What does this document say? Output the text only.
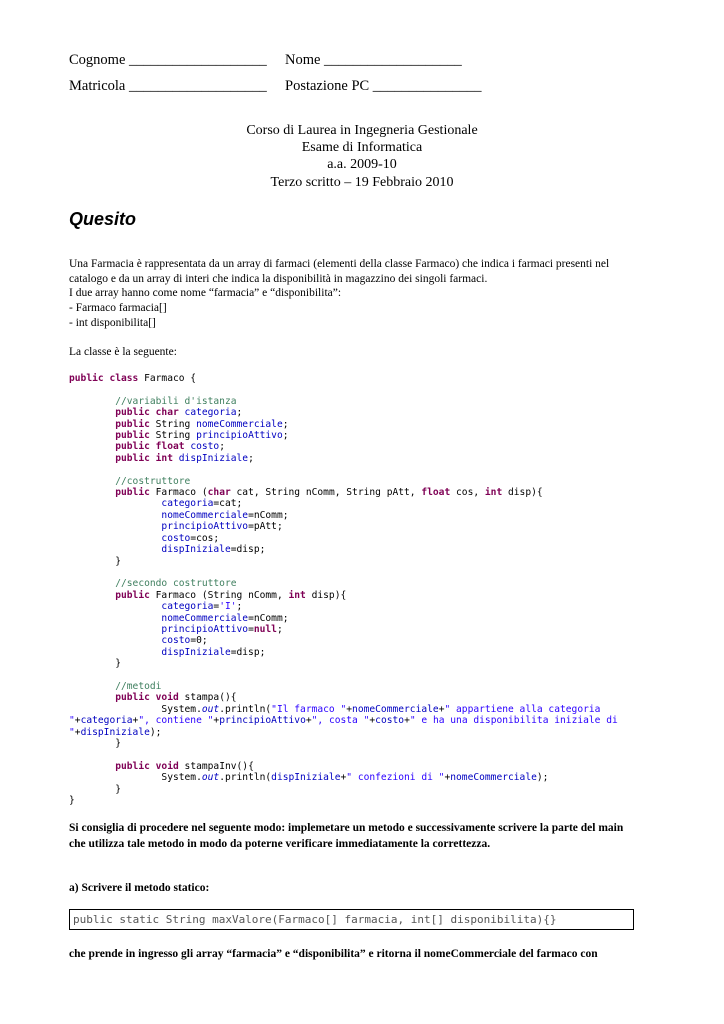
Cognome ___________________ Nome ___________________
Matricola ___________________ Postazione PC _______________
Corso di Laurea in Ingegneria Gestionale
Esame di Informatica
a.a. 2009-10
Terzo scritto – 19 Febbraio 2010
Quesito
Una Farmacia è rappresentata da un array di farmaci (elementi della classe Farmaco) che indica i farmaci presenti nel
catalogo e da un array di interi che indica la disponibilità in magazzino dei singoli farmaci.
I due array hanno come nome “farmacia” e “disponibilita”:
- Farmaco farmacia[]
- int disponibilita[]
La classe è la seguente:
public class Farmaco {

//variabili d'istanza
public char categoria;
public String nomeCommerciale;
public String principioAttivo;
public float costo;
public int dispIniziale;

//costruttore
public Farmaco (char cat, String nComm, String pAtt, float cos, int disp){
categoria=cat;
nomeCommerciale=nComm;
principioAttivo=pAtt;
costo=cos;
dispIniziale=disp;
}

//secondo costruttore
public Farmaco (String nComm, int disp){
categoria='I';
nomeCommerciale=nComm;
principioAttivo=null;
costo=0;
dispIniziale=disp;
}

//metodi
public void stampa(){
System.out.println("Il farmaco "+nomeCommerciale+" appartiene alla categoria
"+categoria+", contiene "+principioAttivo+", costa "+costo+" e ha una disponibilita iniziale di
"+dispIniziale);
}

public void stampaInv(){
System.out.println(dispIniziale+" confezioni di "+nomeCommerciale);
}
}
Si consiglia di procedere nel seguente modo: implemetare un metodo e successivamente scrivere la parte del main
che utilizza tale metodo in modo da poterne verificare immediatamente la correttezza.
a) Scrivere il metodo statico:
public static String maxValore(Farmaco[] farmacia, int[] disponibilita){}
che prende in ingresso gli array “farmacia” e “disponibilita” e ritorna il nomeCommerciale del farmaco con
